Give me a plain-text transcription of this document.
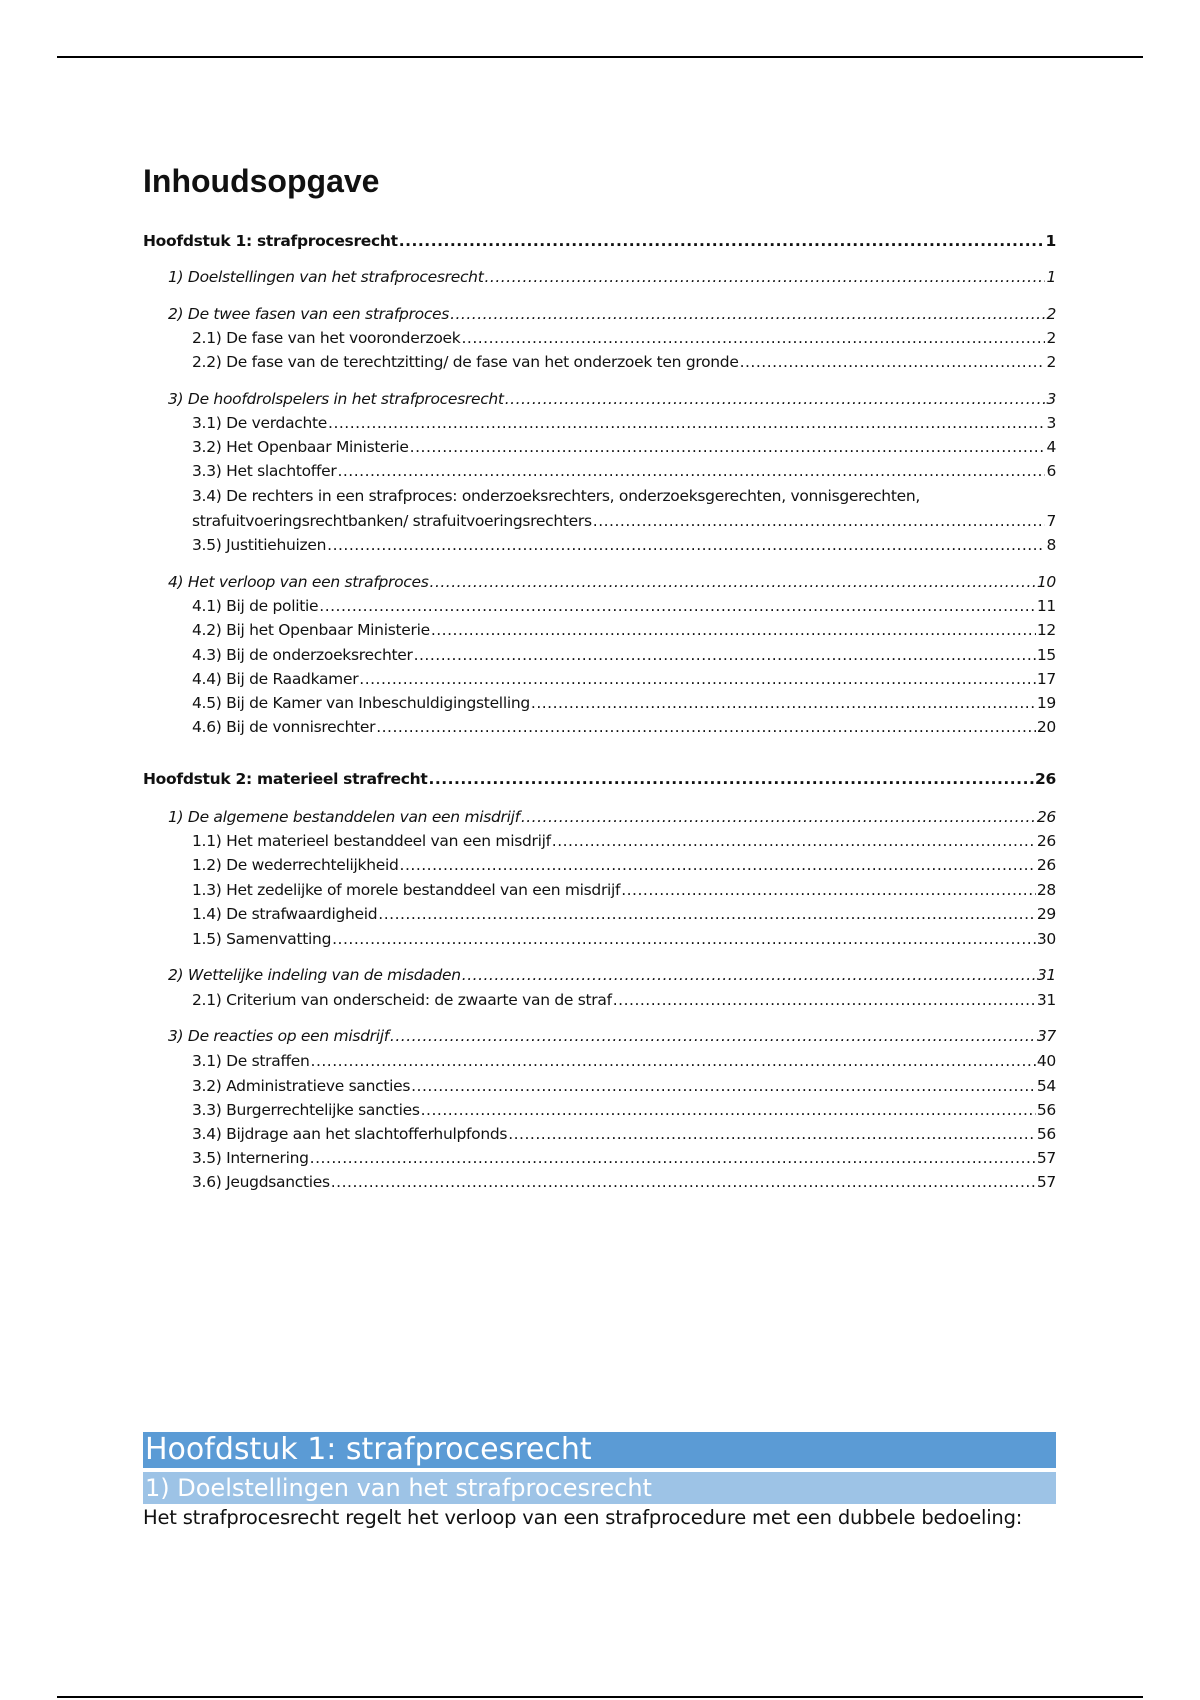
Inhoudsopgave
Hoofdstuk 1: strafprocesrecht .....	1
1) Doelstellingen van het strafprocesrecht .....	1
2) De twee fasen van een strafproces .....	2
2.1) De fase van het vooronderzoek .....	2
2.2) De fase van de terechtzitting/ de fase van het onderzoek ten gronde .....	2
3) De hoofdrolspelers in het strafprocesrecht .....	3
3.1) De verdachte .....	3
3.2) Het Openbaar Ministerie .....	4
3.3) Het slachtoffer .....	6
3.4) De rechters in een strafproces: onderzoeksrechters, onderzoeksgerechten, vonnisgerechten,
strafuitvoeringsrechtbanken/ strafuitvoeringsrechters .....	7
3.5) Justitiehuizen .....	8
4) Het verloop van een strafproces .....	10
4.1) Bij de politie .....	11
4.2) Bij het Openbaar Ministerie .....	12
4.3) Bij de onderzoeksrechter .....	15
4.4) Bij de Raadkamer .....	17
4.5) Bij de Kamer van Inbeschuldigingstelling .....	19
4.6) Bij de vonnisrechter .....	20
Hoofdstuk 2: materieel strafrecht .....	26
1) De algemene bestanddelen van een misdrijf .....	26
1.1) Het materieel bestanddeel van een misdrijf .....	26
1.2) De wederrechtelijkheid .....	26
1.3) Het zedelijke of morele bestanddeel van een misdrijf .....	28
1.4) De strafwaardigheid .....	29
1.5) Samenvatting .....	30
2) Wettelijke indeling van de misdaden .....	31
2.1) Criterium van onderscheid: de zwaarte van de straf .....	31
3) De reacties op een misdrijf .....	37
3.1) De straffen .....	40
3.2) Administratieve sancties .....	54
3.3) Burgerrechtelijke sancties .....	56
3.4) Bijdrage aan het slachtofferhulpfonds .....	56
3.5) Internering .....	57
3.6) Jeugdsancties .....	57
Hoofdstuk 1: strafprocesrecht
1) Doelstellingen van het strafprocesrecht

Het strafprocesrecht regelt het verloop van een strafprocedure met een dubbele bedoeling:
